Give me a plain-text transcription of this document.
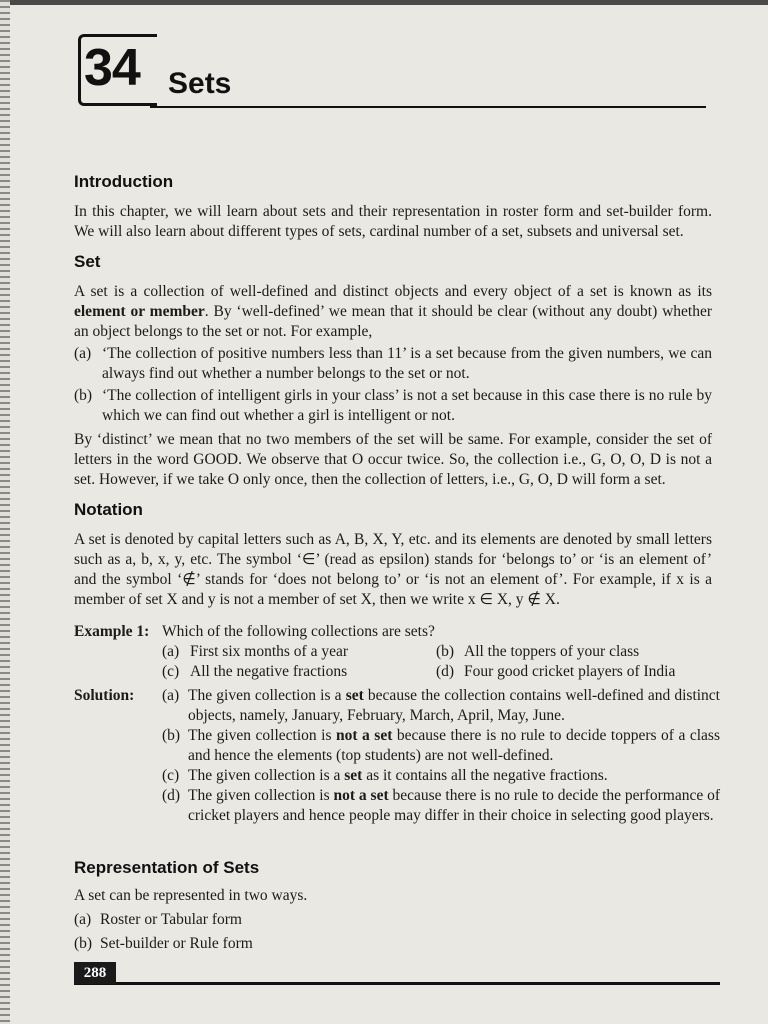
34 Sets
Introduction
In this chapter, we will learn about sets and their representation in roster form and set-builder form. We will also learn about different types of sets, cardinal number of a set, subsets and universal set.
Set
A set is a collection of well-defined and distinct objects and every object of a set is known as its element or member. By ‘well-defined’ we mean that it should be clear (without any doubt) whether an object belongs to the set or not. For example,
(a) ‘The collection of positive numbers less than 11’ is a set because from the given numbers, we can always find out whether a number belongs to the set or not.
(b) ‘The collection of intelligent girls in your class’ is not a set because in this case there is no rule by which we can find out whether a girl is intelligent or not.
By ‘distinct’ we mean that no two members of the set will be same. For example, consider the set of letters in the word GOOD. We observe that O occur twice. So, the collection i.e., G, O, O, D is not a set. However, if we take O only once, then the collection of letters, i.e., G, O, D will form a set.
Notation
A set is denoted by capital letters such as A, B, X, Y, etc. and its elements are denoted by small letters such as a, b, x, y, etc. The symbol ‘∈’ (read as epsilon) stands for ‘belongs to’ or ‘is an element of’ and the symbol ‘∉’ stands for ‘does not belong to’ or ‘is not an element of’. For example, if x is a member of set X and y is not a member of set X, then we write x ∈ X, y ∉ X.
Example 1: Which of the following collections are sets?
(a) First six months of a year	(b) All the toppers of your class
(c) All the negative fractions	(d) Four good cricket players of India
Solution: (a) The given collection is a set because the collection contains well-defined and distinct objects, namely, January, February, March, April, May, June.
(b) The given collection is not a set because there is no rule to decide toppers of a class and hence the elements (top students) are not well-defined.
(c) The given collection is a set as it contains all the negative fractions.
(d) The given collection is not a set because there is no rule to decide the performance of cricket players and hence people may differ in their choice in selecting good players.
Representation of Sets
A set can be represented in two ways.
(a) Roster or Tabular form
(b) Set-builder or Rule form
288
